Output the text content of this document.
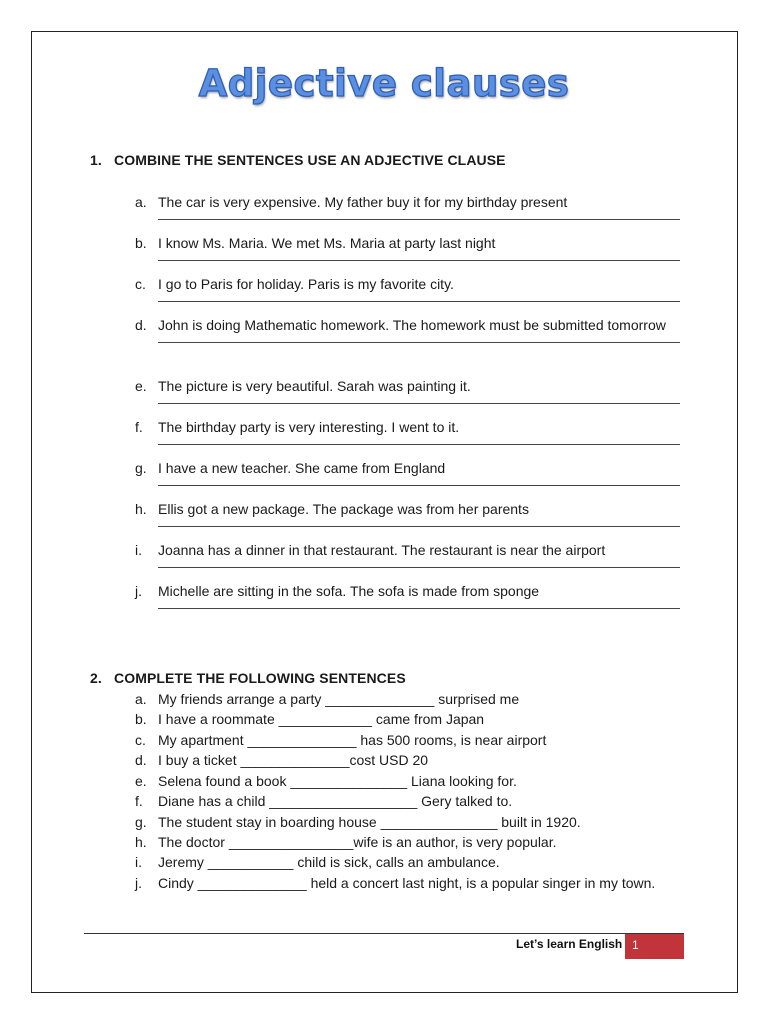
Adjective clauses
1. COMBINE THE SENTENCES USE AN ADJECTIVE CLAUSE
a. The car is very expensive. My father buy it for my birthday present
b. I know Ms. Maria. We met Ms. Maria at party last night
c. I go to Paris for holiday. Paris is my favorite city.
d. John is doing Mathematic homework. The homework must be submitted tomorrow
e. The picture is very beautiful. Sarah was painting it.
f. The birthday party is very interesting. I went to it.
g. I have a new teacher. She came from England
h. Ellis got a new package. The package was from her parents
i. Joanna has a dinner in that restaurant. The restaurant is near the airport
j. Michelle are sitting in the sofa. The sofa is made from sponge
2. COMPLETE THE FOLLOWING SENTENCES
a. My friends arrange a party ______________ surprised me
b. I have a roommate ____________ came from Japan
c. My apartment ______________ has 500 rooms, is near airport
d. I buy a ticket ______________cost USD 20
e. Selena found a book _______________ Liana looking for.
f. Diane has a child ___________________ Gery talked to.
g. The student stay in boarding house _______________ built in 1920.
h. The doctor ________________wife is an author, is very popular.
i. Jeremy ___________ child is sick, calls an ambulance.
j. Cindy ______________ held a concert last night, is a popular singer in my town.
Let’s learn English 1
